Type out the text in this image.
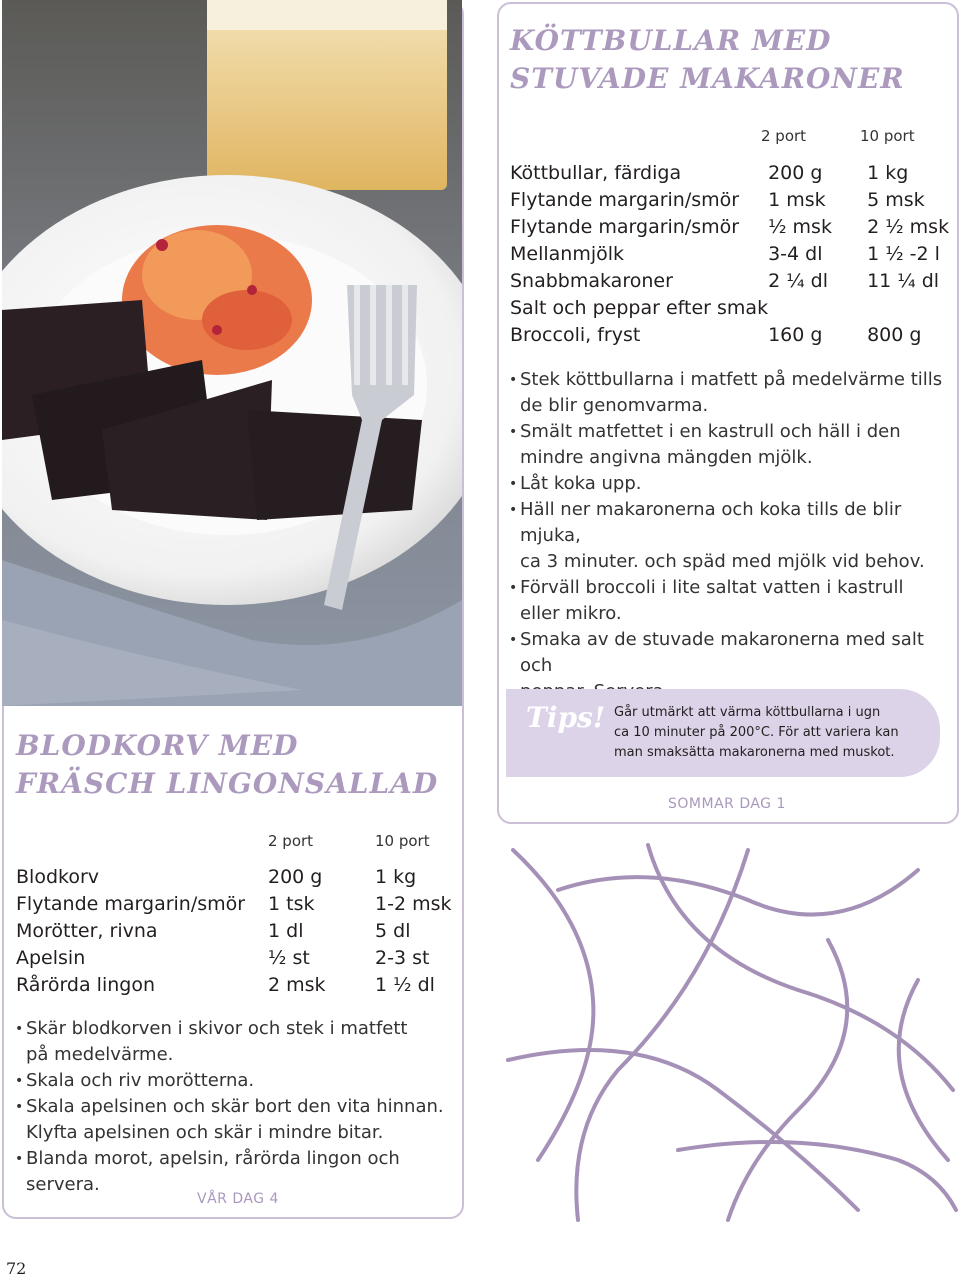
KÖTTBULLAR MED
STUVADE MAKARONER
2 port	10 port
Köttbullar, färdiga	200 g	1 kg
Flytande margarin/smör	1 msk	5 msk
Flytande margarin/smör	½ msk	2 ½ msk
Mellanmjölk	3-4 dl	1 ½ -2 l
Snabbmakaroner	2 ¼ dl	11 ¼ dl
Salt och peppar efter smak		
Broccoli, fryst	160 g	800 g
• Stek köttbullarna i matfett på medelvärme tills
de blir genomvarma.
• Smält matfettet i en kastrull och häll i den
mindre angivna mängden mjölk.
• Låt koka upp.
• Häll ner makaronerna och koka tills de blir mjuka,
ca 3 minuter. och späd med mjölk vid behov.
• Förväll broccoli i lite saltat vatten i kastrull
eller mikro.
• Smaka av de stuvade makaronerna med salt och
Tips! Går utmärkt att värma köttbullarna i ugn
ca 10 minuter på 200°C. För att variera kan
man smaksätta makaronerna med muskot.
SOMMAR DAG 1
BLODKORV MED
FRÄSCH LINGONSALLAD
2 port	10 port
Blodkorv	200 g	1 kg
Flytande margarin/smör	1 tsk	1-2 msk
Morötter, rivna	1 dl	5 dl
Apelsin	½ st	2-3 st
Rårörda lingon	2 msk	1 ½ dl
• Skär blodkorven i skivor och stek i matfett
på medelvärme.
• Skala och riv morötterna.
• Skala apelsinen och skär bort den vita hinnan.
Klyfta apelsinen och skär i mindre bitar.
• Blanda morot, apelsin, rårörda lingon och servera.
VÅR DAG 4
72
